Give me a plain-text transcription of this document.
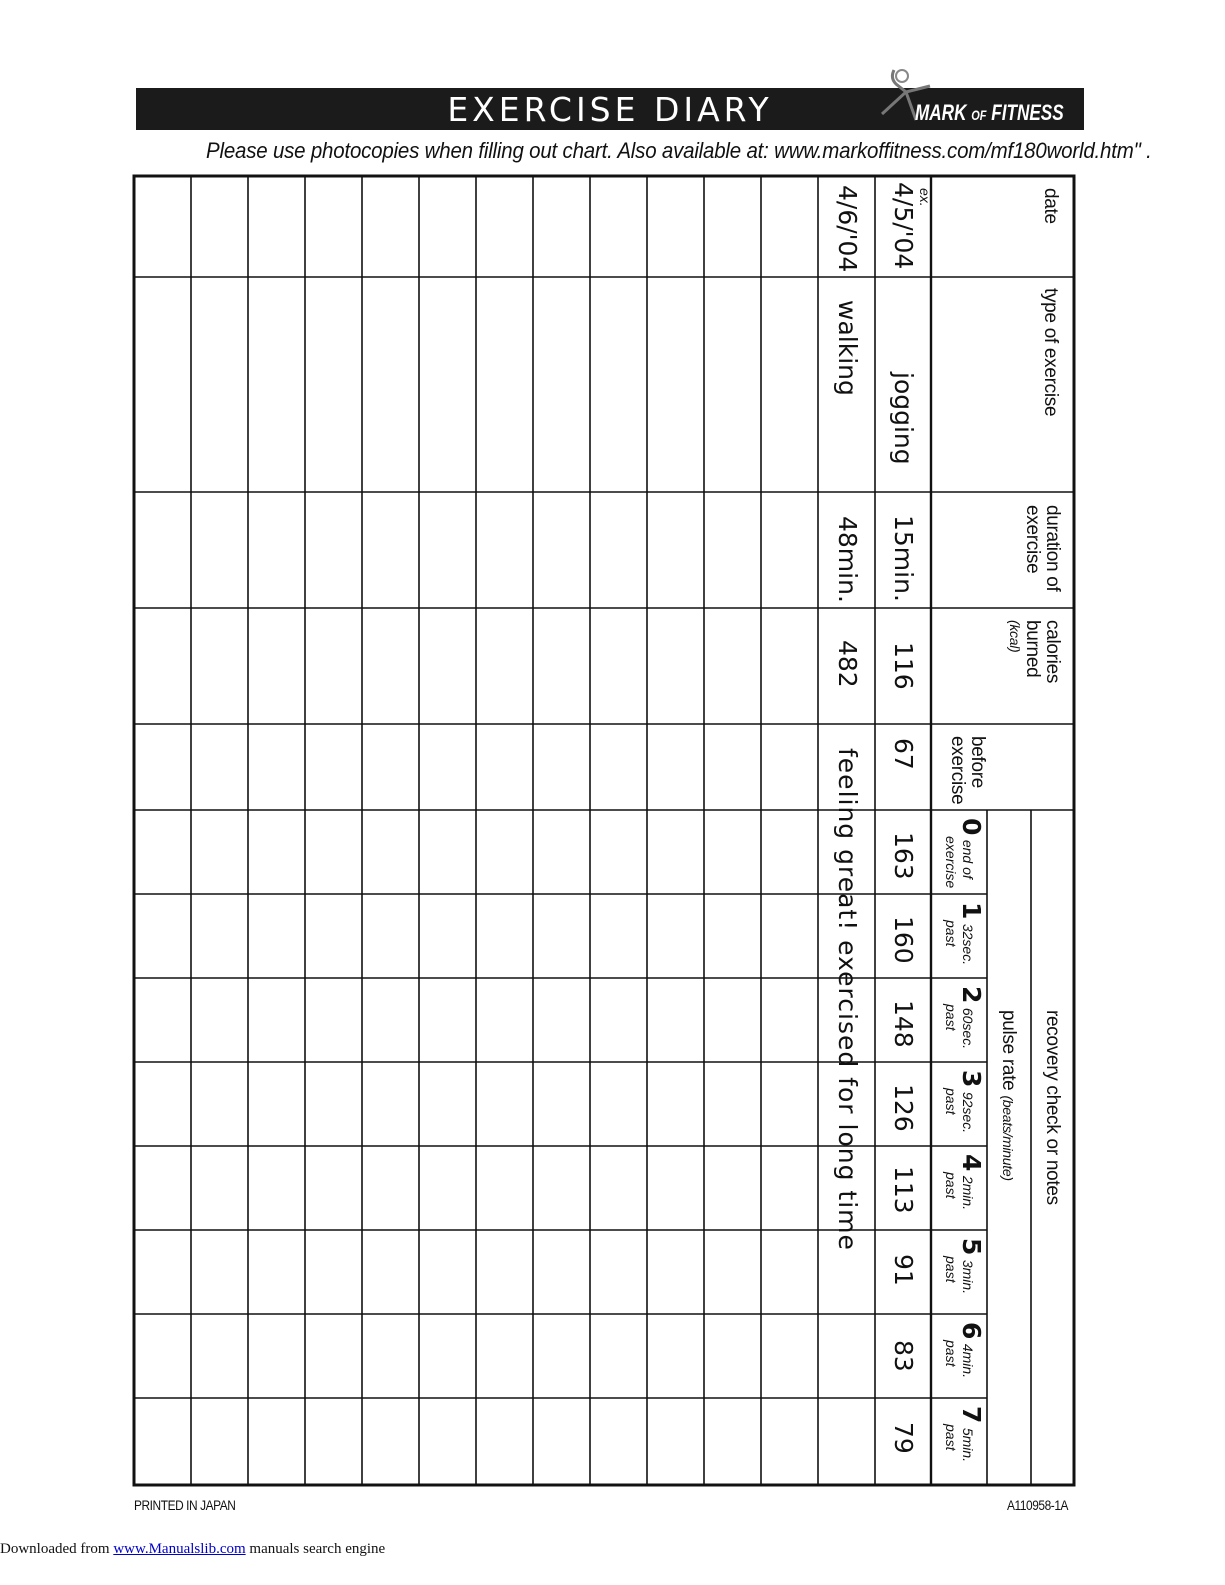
EXERCISE DIARY	MARK OF FITNESS
Please use photocopies when filling out chart. Also available at: www.markoffitness.com/mf180world.htm" .
date
type of exercise
duration of
exercise
calories
burned
(kcal)
before
exercise
recovery check or notes
pulse rate (beats/minute)
0 end of
exercise
1 32sec.
past
2 60sec.
past
3 92sec.
past
4 2min.
past
5 3min.
past
6 4min.
past
7 5min.
past
ex.
4/5/'04
jogging
15min.
116
67
163
160
148
126
113
91
83
79
4/6/'04
walking
48min.
482
feeling great! exercised for long time
PRINTED IN JAPAN	A110958-1A
Downloaded from www.Manualslib.com manuals search engine
